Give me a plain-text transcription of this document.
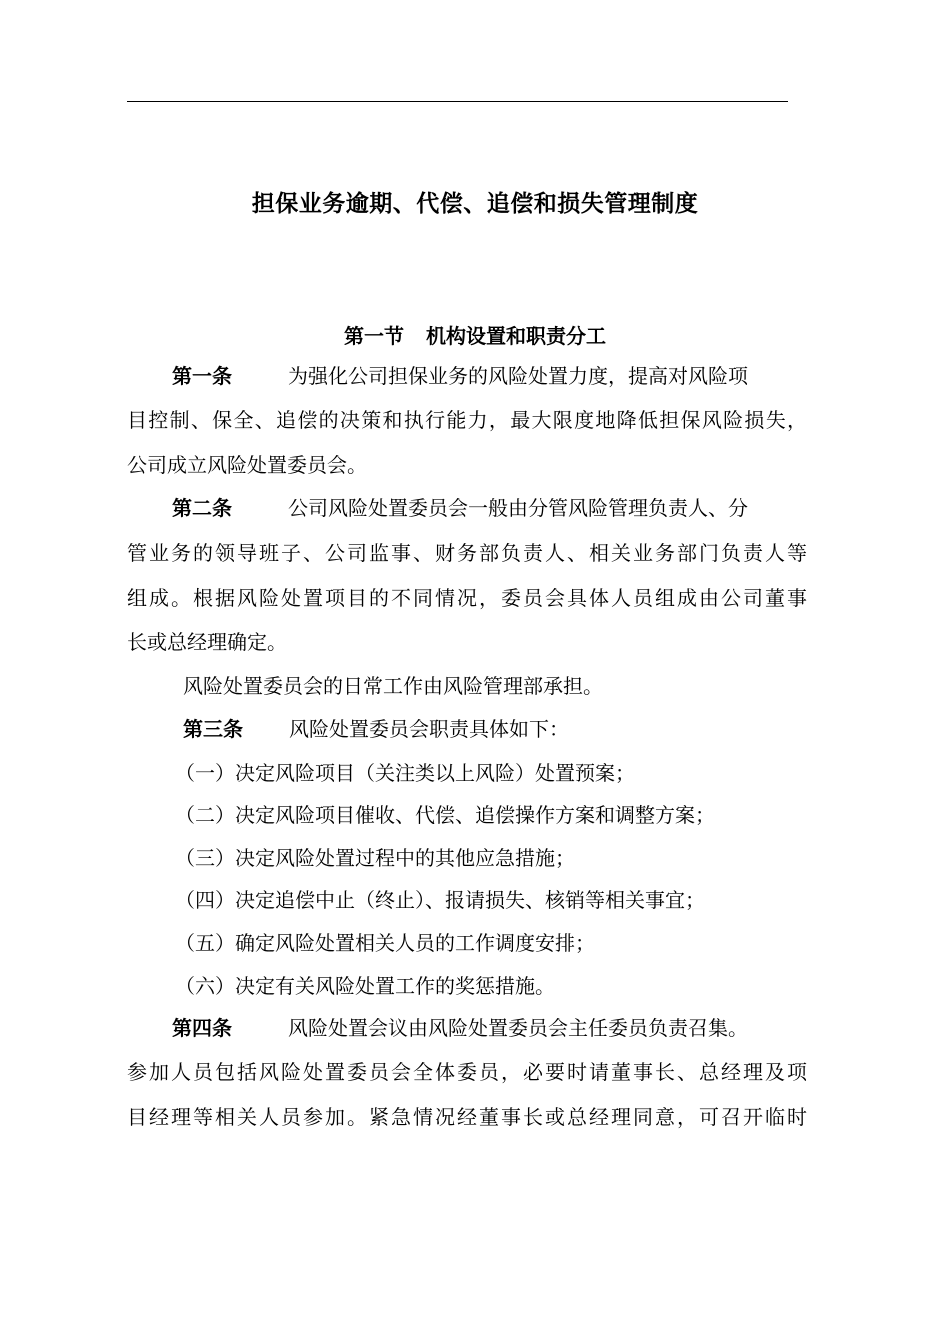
担保业务逾期、代偿、追偿和损失管理制度
第一节 机构设置和职责分工
第一条	为强化公司担保业务的风险处置力度，提高对风险项
目控制、保全、追偿的决策和执行能力，最大限度地降低担保风险损失，
公司成立风险处置委员会。
第二条	公司风险处置委员会一般由分管风险管理负责人、分
管业务的领导班子、公司监事、财务部负责人、相关业务部门负责人等
组成。根据风险处置项目的不同情况，委员会具体人员组成由公司董事
长或总经理确定。
风险处置委员会的日常工作由风险管理部承担。
第三条 风险处置委员会职责具体如下：
（一）决定风险项目（关注类以上风险）处置预案；
（二）决定风险项目催收、代偿、追偿操作方案和调整方案；
（三）决定风险处置过程中的其他应急措施；
（四）决定追偿中止（终止）、报请损失、核销等相关事宜；
（五）确定风险处置相关人员的工作调度安排；
（六）决定有关风险处置工作的奖惩措施。
第四条	风险处置会议由风险处置委员会主任委员负责召集。
参加人员包括风险处置委员会全体委员，必要时请董事长、总经理及项
目经理等相关人员参加。紧急情况经董事长或总经理同意，可召开临时
